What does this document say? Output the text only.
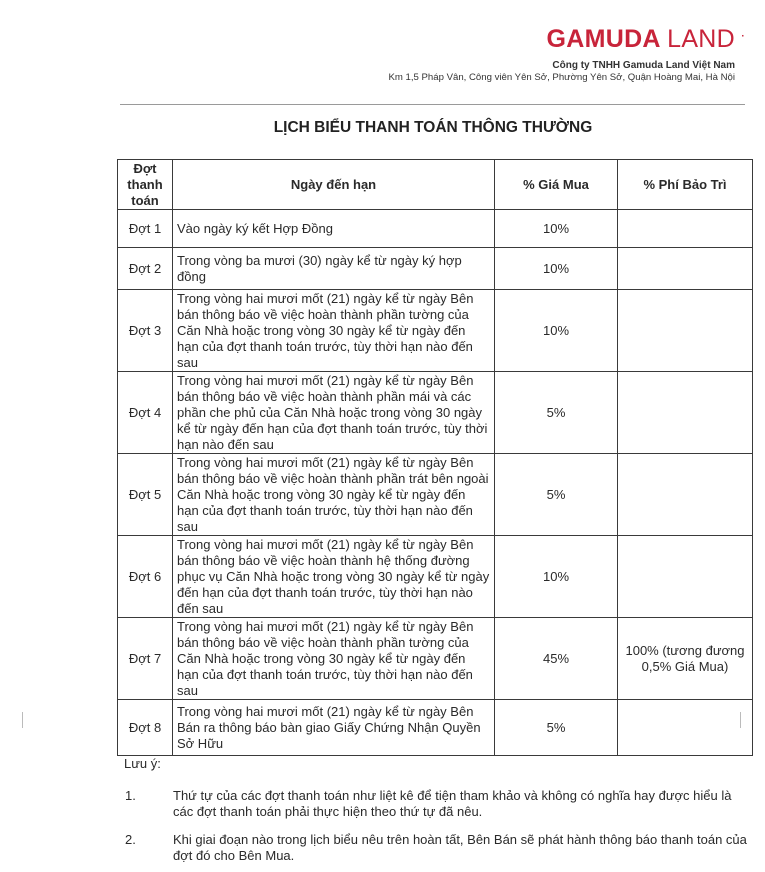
GAMUDA LAND ·
Công ty TNHH Gamuda Land Việt Nam
Km 1,5 Pháp Vân, Công viên Yên Sở, Phường Yên Sở, Quận Hoàng Mai, Hà Nội
LỊCH BIỂU THANH TOÁN THÔNG THƯỜNG
Đợt thanh toán	Ngày đến hạn	% Giá Mua	% Phí Bảo Trì
Đợt 1	Vào ngày ký kết Hợp Đồng	10%	
Đợt 2	Trong vòng ba mươi (30) ngày kể từ ngày ký hợp đồng	10%	
Đợt 3	Trong vòng hai mươi mốt (21) ngày kể từ ngày Bên bán thông báo về việc hoàn thành phần tường của Căn Nhà hoặc trong vòng 30 ngày kể từ ngày đến hạn của đợt thanh toán trước, tùy thời hạn nào đến sau	10%	
Đợt 4	Trong vòng hai mươi mốt (21) ngày kể từ ngày Bên bán thông báo về việc hoàn thành phần mái và các phần che phủ của Căn Nhà hoặc trong vòng 30 ngày kể từ ngày đến hạn của đợt thanh toán trước, tùy thời hạn nào đến sau	5%	
Đợt 5	Trong vòng hai mươi mốt (21) ngày kể từ ngày Bên bán thông báo về việc hoàn thành phần trát bên ngoài Căn Nhà hoặc trong vòng 30 ngày kể từ ngày đến hạn của đợt thanh toán trước, tùy thời hạn nào đến sau	5%	
Đợt 6	Trong vòng hai mươi mốt (21) ngày kể từ ngày Bên bán thông báo về việc hoàn thành hệ thống đường phục vụ Căn Nhà hoặc trong vòng 30 ngày kể từ ngày đến hạn của đợt thanh toán trước, tùy thời hạn nào đến sau	10%	
Đợt 7	Trong vòng hai mươi mốt (21) ngày kể từ ngày Bên bán thông báo về việc hoàn thành phần tường của Căn Nhà hoặc trong vòng 30 ngày kể từ ngày đến hạn của đợt thanh toán trước, tùy thời hạn nào đến sau	45%	100% (tương đương 0,5% Giá Mua)
Đợt 8	Trong vòng hai mươi mốt (21) ngày kể từ ngày Bên Bán ra thông báo bàn giao Giấy Chứng Nhận Quyền Sở Hữu	5%	
Lưu ý:
1.	Thứ tự của các đợt thanh toán như liệt kê để tiện tham khảo và không có nghĩa hay được hiểu là các đợt thanh toán phải thực hiện theo thứ tự đã nêu.
2.	Khi giai đoạn nào trong lịch biểu nêu trên hoàn tất, Bên Bán sẽ phát hành thông báo thanh toán của đợt đó cho Bên Mua.
